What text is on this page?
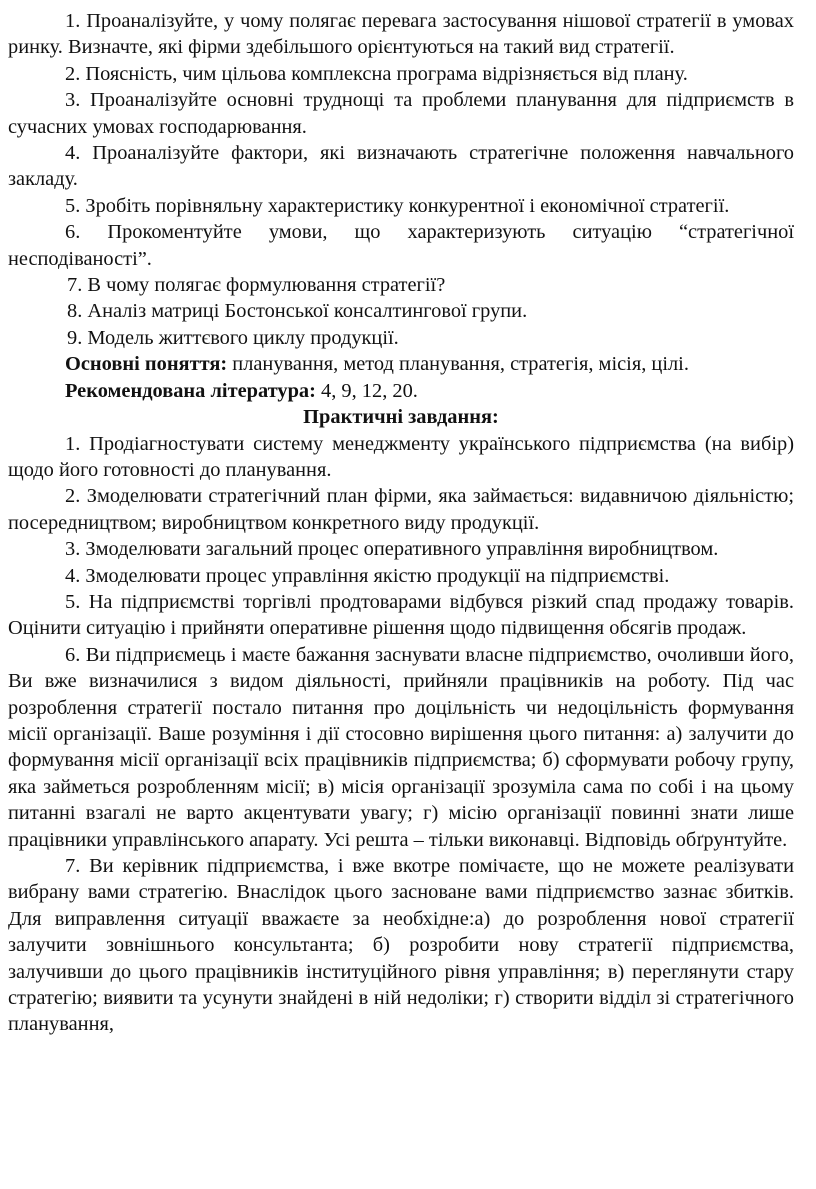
1. Проаналізуйте, у чому полягає перевага застосування нішової стратегії в умовах ринку. Визначте, які фірми здебільшого орієнтуються на такий вид стратегії.

2. Поясність, чим цільова комплексна програма відрізняється від плану.

3. Проаналізуйте основні труднощі та проблеми планування для підприємств в сучасних умовах господарювання.

4. Проаналізуйте фактори, які визначають стратегічне положення навчального закладу.

5. Зробіть порівняльну характеристику конкурентної і економічної стратегії.

6. Прокоментуйте умови, що характеризують ситуацію “стратегічної несподіваності”.

7. В чому полягає формулювання стратегії?

8. Аналіз матриці Бостонської консалтингової групи.

9. Модель життєвого циклу продукції.

Основні поняття: планування, метод планування, стратегія, місія, цілі.

Рекомендована література: 4, 9, 12, 20.

Практичні завдання:

1. Продіагностувати систему менеджменту українського підприємства (на вибір) щодо його готовності до планування.

2. Змоделювати стратегічний план фірми, яка займається: видавничою діяльністю; посередництвом; виробництвом конкретного виду продукції.

3. Змоделювати загальний процес оперативного управління виробництвом.

4. Змоделювати процес управління якістю продукції на підприємстві.

5. На підприємстві торгівлі продтоварами відбувся різкий спад продажу товарів. Оцінити ситуацію і прийняти оперативне рішення щодо підвищення обсягів продаж.

6. Ви підприємець і маєте бажання заснувати власне підприємство, очоливши його, Ви вже визначилися з видом діяльності, прийняли працівників на роботу. Під час розроблення стратегії постало питання про доцільність чи недоцільність формування місії організації. Ваше розуміння і дії стосовно вирішення цього питання: а) залучити до формування місії організації всіх працівників підприємства; б) сформувати робочу групу, яка займеться розробленням місії; в) місія організації зрозуміла сама по собі і на цьому питанні взагалі не варто акцентувати увагу; г) місію організації повинні знати лише працівники управлінського апарату. Усі решта – тільки виконавці. Відповідь обґрунтуйте.

7. Ви керівник підприємства, і вже вкотре помічаєте, що не можете реалізувати вибрану вами стратегію. Внаслідок цього засноване вами підприємство зазнає збитків. Для виправлення ситуації вважаєте за необхідне:а) до розроблення нової стратегії залучити зовнішнього консультанта; б) розробити нову стратегії підприємства, залучивши до цього працівників інституційного рівня управління; в) переглянути стару стратегію; виявити та усунути знайдені в ній недоліки; г) створити відділ зі стратегічного планування,
